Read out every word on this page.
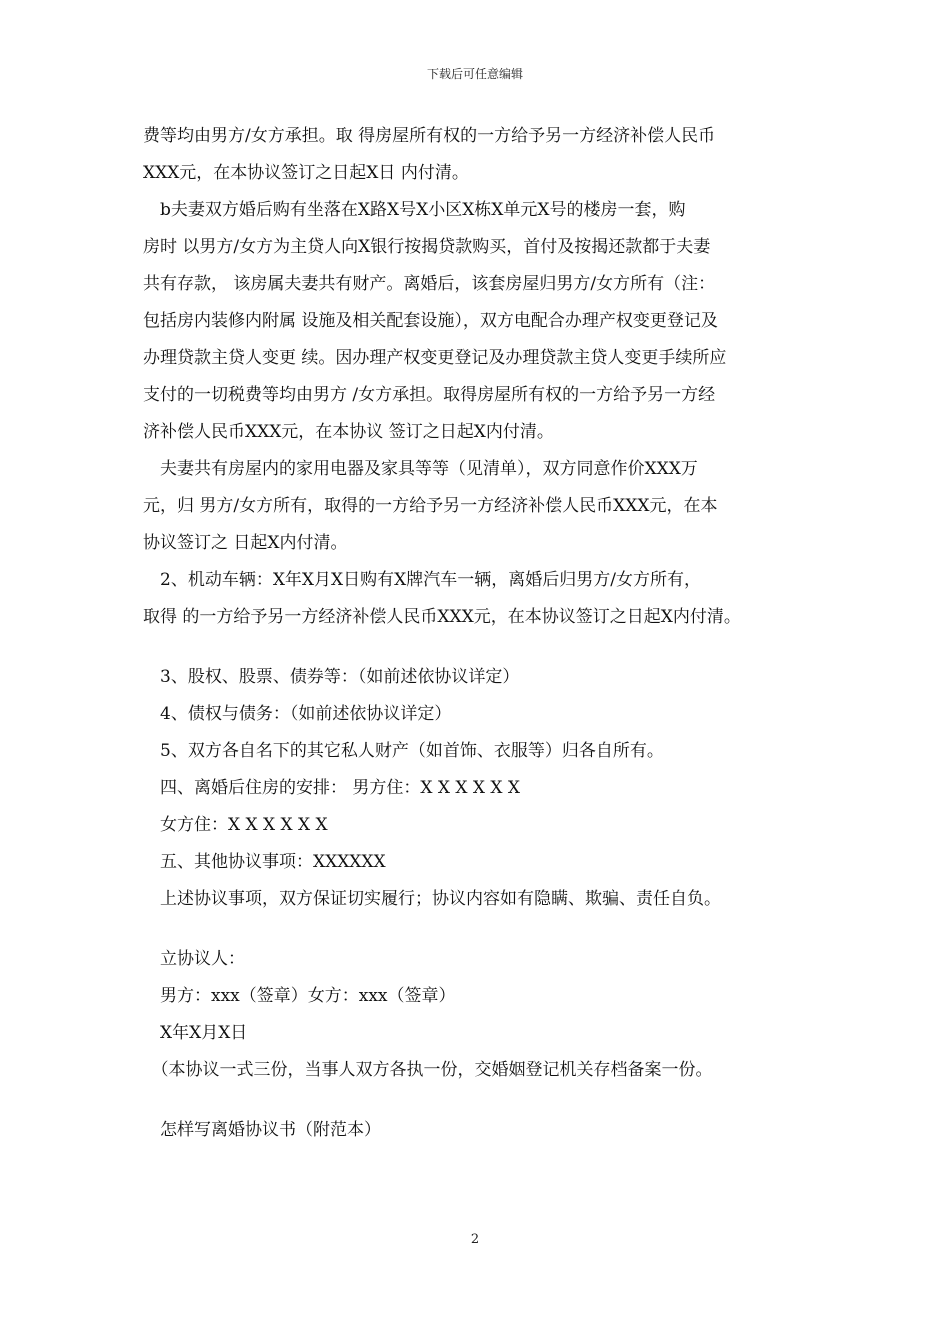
下载后可任意编辑

费等均由男方/女方承担。取 得房屋所有权的一方给予另一方经济补偿人民币

XXX元，在本协议签订之日起X日 内付清。

　b夫妻双方婚后购有坐落在X路X号X小区X栋X单元X号的楼房一套，购

房时 以男方/女方为主贷人向X银行按揭贷款购买，首付及按揭还款都于夫妻

共有存款， 该房属夫妻共有财产。离婚后，该套房屋归男方/女方所有（注：

包括房内装修内附属 设施及相关配套设施），双方电配合办理产权变更登记及

办理贷款主贷人变更 续。因办理产权变更登记及办理贷款主贷人变更手续所应

支付的一切税费等均由男方 /女方承担。取得房屋所有权的一方给予另一方经

济补偿人民币XXX元，在本协议 签订之日起X内付清。

　夫妻共有房屋内的家用电器及家具等等（见清单），双方同意作价XXX万

元，归 男方/女方所有，取得的一方给予另一方经济补偿人民币XXX元，在本

协议签订之 日起X内付清。

　2、机动车辆：X年X月X日购有X牌汽车一辆，离婚后归男方/女方所有，

取得 的一方给予另一方经济补偿人民币XXX元，在本协议签订之日起X内付清。

　3、股权、股票、债券等：（如前述依协议详定）

　4、债权与债务：（如前述依协议详定）

　5、双方各自名下的其它私人财产（如首饰、衣服等）归各自所有。

　四、离婚后住房的安排： 男方住：X X X X X X

　女方住：X X X X X X

　五、其他协议事项：XXXXXX

　上述协议事项，双方保证切实履行；协议内容如有隐瞒、欺骗、责任自负。

　立协议人：

　男方：xxx（签章）女方：xxx（签章）

　X年X月X日

　（本协议一式三份，当事人双方各执一份，交婚姻登记机关存档备案一份。

　怎样写离婚协议书（附范本）

2
